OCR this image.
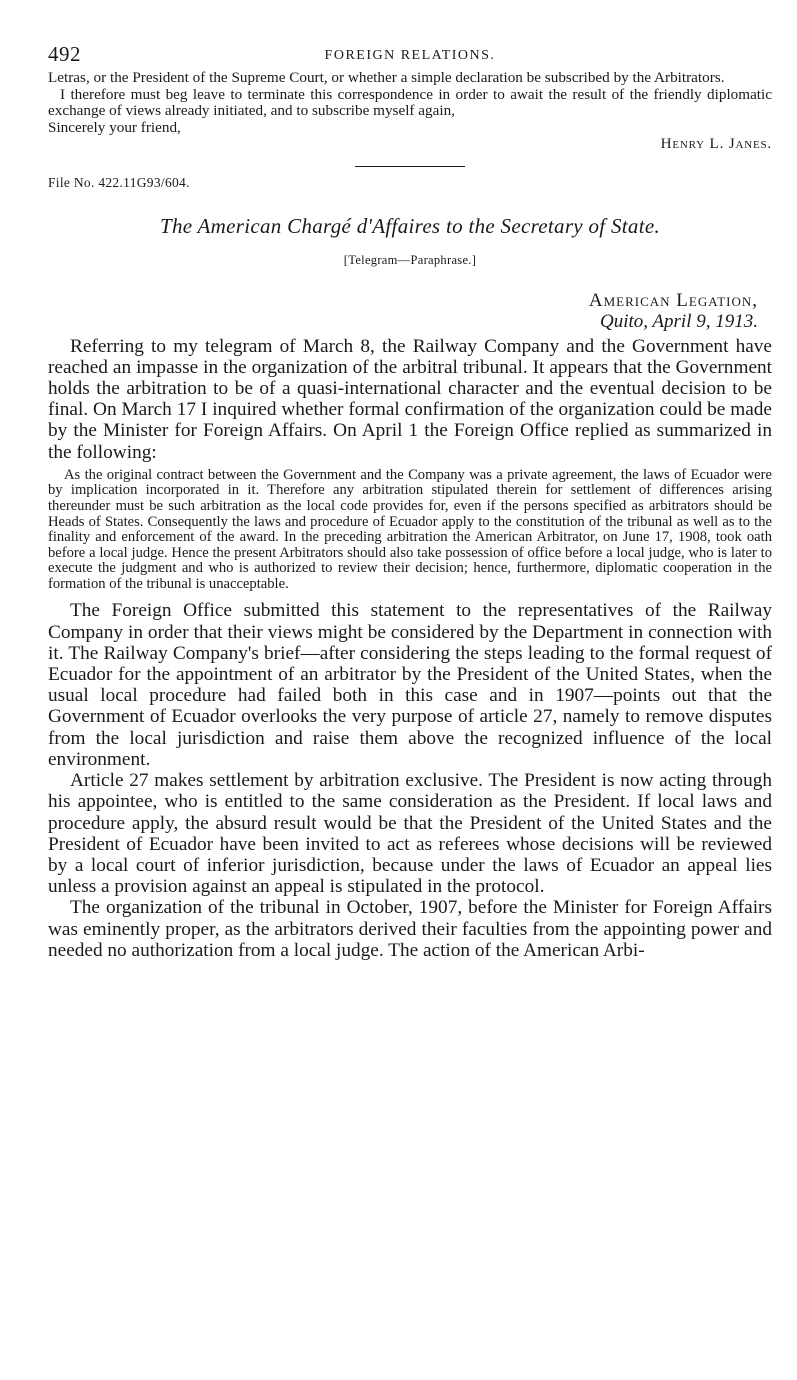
492	FOREIGN RELATIONS.

Letras, or the President of the Supreme Court, or whether a simple declaration be subscribed by the Arbitrators.

I therefore must beg leave to terminate this correspondence in order to await the result of the friendly diplomatic exchange of views already initiated, and to subscribe myself again,

Sincerely your friend,

Henry L. Janes.

File No. 422.11G93/604.
The American Chargé d'Affaires to the Secretary of State.
[Telegram—Paraphrase.]
American Legation,
Quito, April 9, 1913.

Referring to my telegram of March 8, the Railway Company and the Government have reached an impasse in the organization of the arbitral tribunal. It appears that the Government holds the arbitration to be of a quasi-international character and the eventual decision to be final. On March 17 I inquired whether formal confirmation of the organization could be made by the Minister for Foreign Affairs. On April 1 the Foreign Office replied as summarized in the following:

As the original contract between the Government and the Company was a private agreement, the laws of Ecuador were by implication incorporated in it. Therefore any arbitration stipulated therein for settlement of differences arising thereunder must be such arbitration as the local code provides for, even if the persons specified as arbitrators should be Heads of States. Consequently the laws and procedure of Ecuador apply to the constitution of the tribunal as well as to the finality and enforcement of the award. In the preceding arbitration the American Arbitrator, on June 17, 1908, took oath before a local judge. Hence the present Arbitrators should also take possession of office before a local judge, who is later to execute the judgment and who is authorized to review their decision; hence, furthermore, diplomatic cooperation in the formation of the tribunal is unacceptable.

The Foreign Office submitted this statement to the representatives of the Railway Company in order that their views might be considered by the Department in connection with it. The Railway Company's brief—after considering the steps leading to the formal request of Ecuador for the appointment of an arbitrator by the President of the United States, when the usual local procedure had failed both in this case and in 1907—points out that the Government of Ecuador overlooks the very purpose of article 27, namely to remove disputes from the local jurisdiction and raise them above the recognized influence of the local environment.

Article 27 makes settlement by arbitration exclusive. The President is now acting through his appointee, who is entitled to the same consideration as the President. If local laws and procedure apply, the absurd result would be that the President of the United States and the President of Ecuador have been invited to act as referees whose decisions will be reviewed by a local court of inferior jurisdiction, because under the laws of Ecuador an appeal lies unless a provision against an appeal is stipulated in the protocol.

The organization of the tribunal in October, 1907, before the Minister for Foreign Affairs was eminently proper, as the arbitrators derived their faculties from the appointing power and needed no authorization from a local judge. The action of the American Arbi-
